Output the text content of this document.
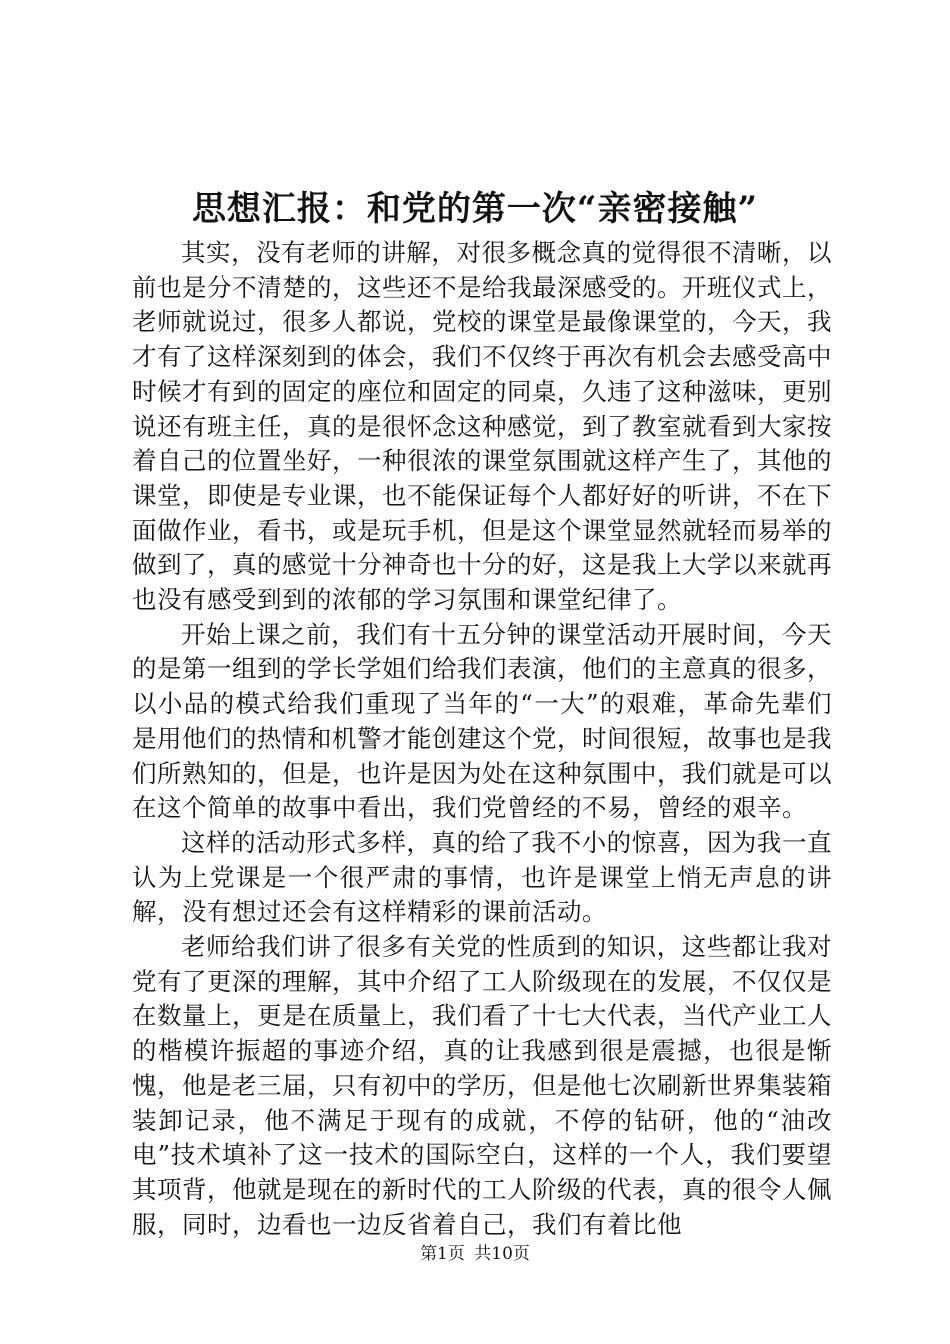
思想汇报：和党的第一次“亲密接触”

其实，没有老师的讲解，对很多概念真的觉得很不清晰，以前也是分不清楚的，这些还不是给我最深感受的。开班仪式上，老师就说过，很多人都说，党校的课堂是最像课堂的，今天，我才有了这样深刻到的体会，我们不仅终于再次有机会去感受高中时候才有到的固定的座位和固定的同桌，久违了这种滋味，更别说还有班主任，真的是很怀念这种感觉，到了教室就看到大家按着自己的位置坐好，一种很浓的课堂氛围就这样产生了，其他的课堂，即使是专业课，也不能保证每个人都好好的听讲，不在下面做作业，看书，或是玩手机，但是这个课堂显然就轻而易举的做到了，真的感觉十分神奇也十分的好，这是我上大学以来就再也没有感受到到的浓郁的学习氛围和课堂纪律了。

开始上课之前，我们有十五分钟的课堂活动开展时间，今天的是第一组到的学长学姐们给我们表演，他们的主意真的很多，以小品的模式给我们重现了当年的“一大”的艰难，革命先辈们是用他们的热情和机警才能创建这个党，时间很短，故事也是我们所熟知的，但是，也许是因为处在这种氛围中，我们就是可以在这个简单的故事中看出，我们党曾经的不易，曾经的艰辛。

这样的活动形式多样，真的给了我不小的惊喜，因为我一直认为上党课是一个很严肃的事情，也许是课堂上悄无声息的讲解，没有想过还会有这样精彩的课前活动。

老师给我们讲了很多有关党的性质到的知识，这些都让我对党有了更深的理解，其中介绍了工人阶级现在的发展，不仅仅是在数量上，更是在质量上，我们看了十七大代表，当代产业工人的楷模许振超的事迹介绍，真的让我感到很是震撼，也很是惭愧，他是老三届，只有初中的学历，但是他七次刷新世界集装箱装卸记录，他不满足于现有的成就，不停的钻研，他的“油改电”技术填补了这一技术的国际空白，这样的一个人，我们要望其项背，他就是现在的新时代的工人阶级的代表，真的很令人佩服，同时，边看也一边反省着自己，我们有着比他

第1页 共10页
